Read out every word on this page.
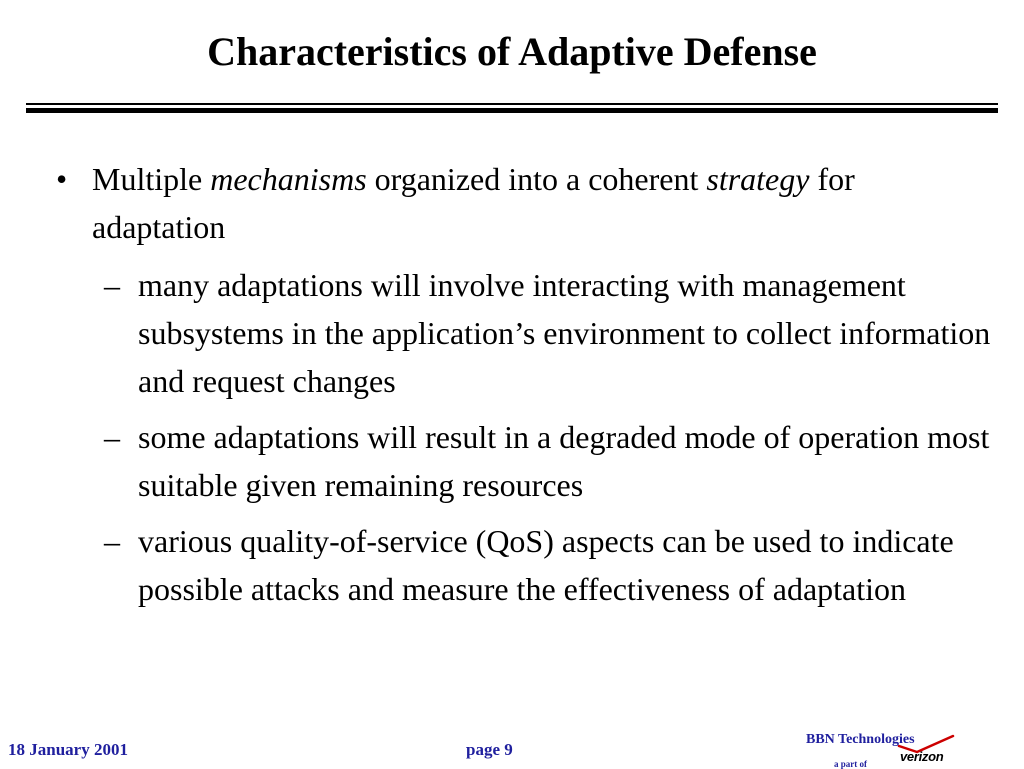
Characteristics of Adaptive Defense
• Multiple mechanisms organized into a coherent strategy for adaptation
– many adaptations will involve interacting with management subsystems in the application’s environment to collect information and request changes
– some adaptations will result in a degraded mode of operation most suitable given remaining resources
– various quality-of-service (QoS) aspects can be used to indicate possible attacks and measure the effectiveness of adaptation
18 January 2001	page 9
BBN Technologies
verizon
a part of
